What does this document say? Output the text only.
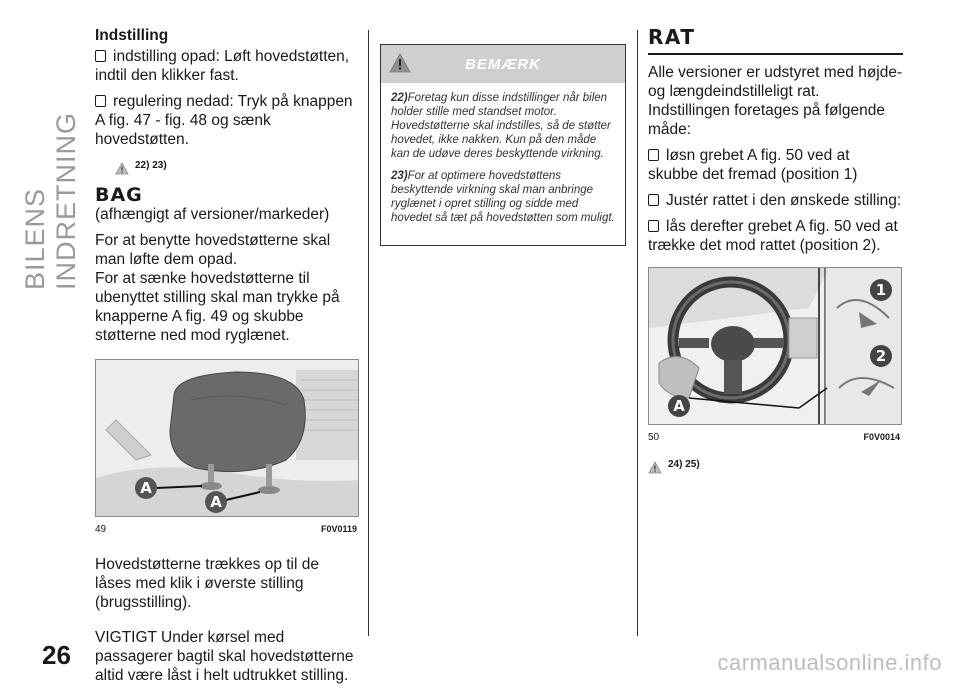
BILENS INDRETNING
Indstilling
indstilling opad: Løft hovedstøtten, indtil den klikker fast.
regulering nedad: Tryk på knappen A fig. 47 - fig. 48 og sænk hovedstøtten.
22) 23)
BAG

(afhængigt af versioner/markeder)

For at benytte hovedstøtterne skal man løfte dem opad.

For at sænke hovedstøtterne til ubenyttet stilling skal man trykke på knapperne A fig. 49 og skubbe støtterne ned mod ryglænet.

A
A
49	F0V0119

Hovedstøtterne trækkes op til de låses med klik i øverste stilling (brugsstilling).

VIGTIGT Under kørsel med passagerer bagtil skal hovedstøtterne altid være låst i helt udtrukket stilling.

BEMÆRK

22)Foretag kun disse indstillinger når bilen holder stille med standset motor. Hovedstøtterne skal indstilles, så de støtter hovedet, ikke nakken. Kun på den måde kan de udøve deres beskyttende virkning.

23)For at optimere hovedstøttens beskyttende virkning skal man anbringe ryglænet i opret stilling og sidde med hovedet så tæt på hovedstøtten som muligt.

RAT

Alle versioner er udstyret med højde- og længdeindstilleligt rat.

Indstillingen foretages på følgende måde:

løsn grebet A fig. 50 ved at skubbe det fremad (position 1)
Justér rattet i den ønskede stilling:
lås derefter grebet A fig. 50 ved at trække det mod rattet (position 2).
1
2
A
50	F0V0014
24) 25)
26	carmanualsonline.info
